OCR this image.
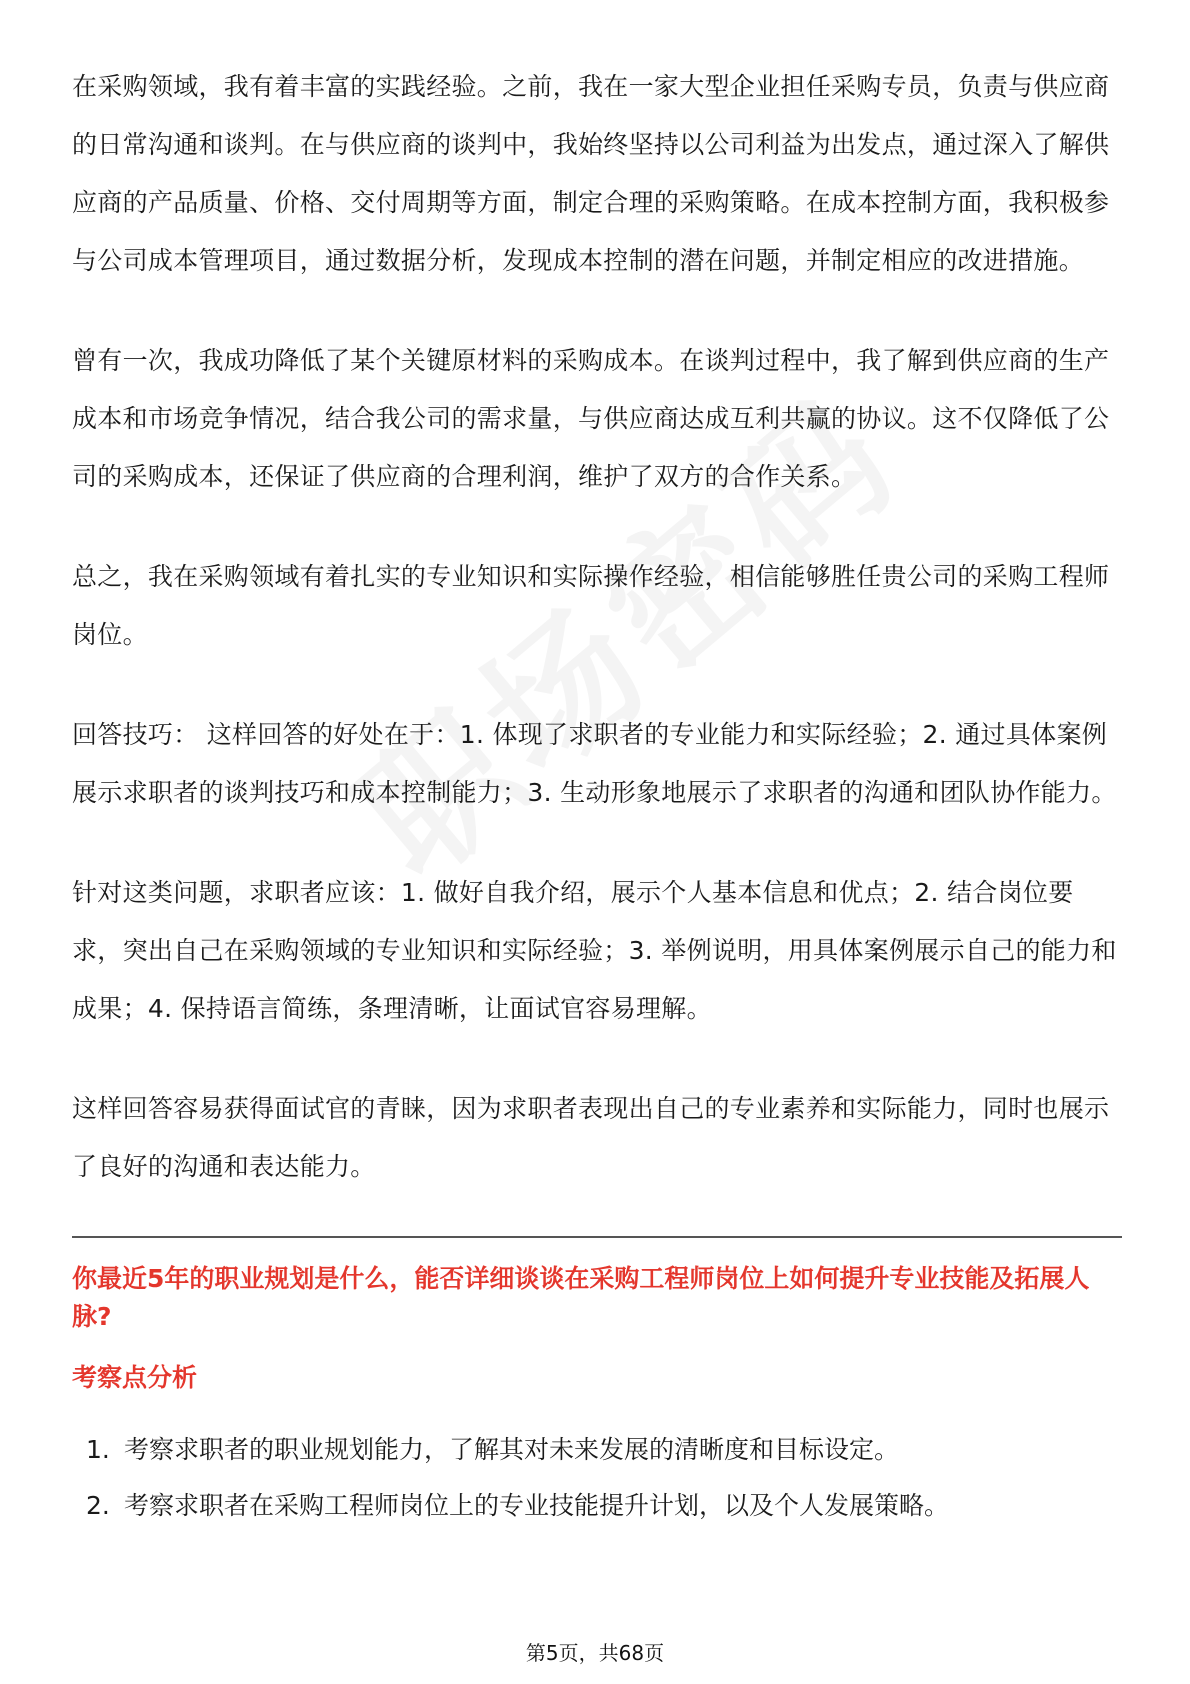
在采购领域，我有着丰富的实践经验。之前，我在一家大型企业担任采购专员，负责与供应商的日常沟通和谈判。在与供应商的谈判中，我始终坚持以公司利益为出发点，通过深入了解供应商的产品质量、价格、交付周期等方面，制定合理的采购策略。在成本控制方面，我积极参与公司成本管理项目，通过数据分析，发现成本控制的潜在问题，并制定相应的改进措施。

曾有一次，我成功降低了某个关键原材料的采购成本。在谈判过程中，我了解到供应商的生产成本和市场竞争情况，结合我公司的需求量，与供应商达成互利共赢的协议。这不仅降低了公司的采购成本，还保证了供应商的合理利润，维护了双方的合作关系。

总之，我在采购领域有着扎实的专业知识和实际操作经验，相信能够胜任贵公司的采购工程师岗位。

回答技巧： 这样回答的好处在于：1. 体现了求职者的专业能力和实际经验；2. 通过具体案例展示求职者的谈判技巧和成本控制能力；3. 生动形象地展示了求职者的沟通和团队协作能力。

针对这类问题，求职者应该：1. 做好自我介绍，展示个人基本信息和优点；2. 结合岗位要求，突出自己在采购领域的专业知识和实际经验；3. 举例说明，用具体案例展示自己的能力和成果；4. 保持语言简练，条理清晰，让面试官容易理解。

这样回答容易获得面试官的青睐，因为求职者表现出自己的专业素养和实际能力，同时也展示了良好的沟通和表达能力。

你最近5年的职业规划是什么，能否详细谈谈在采购工程师岗位上如何提升专业技能及拓展人脉?
考察点分析
1. 考察求职者的职业规划能力，了解其对未来发展的清晰度和目标设定。
2. 考察求职者在采购工程师岗位上的专业技能提升计划，以及个人发展策略。
第5页，共68页
